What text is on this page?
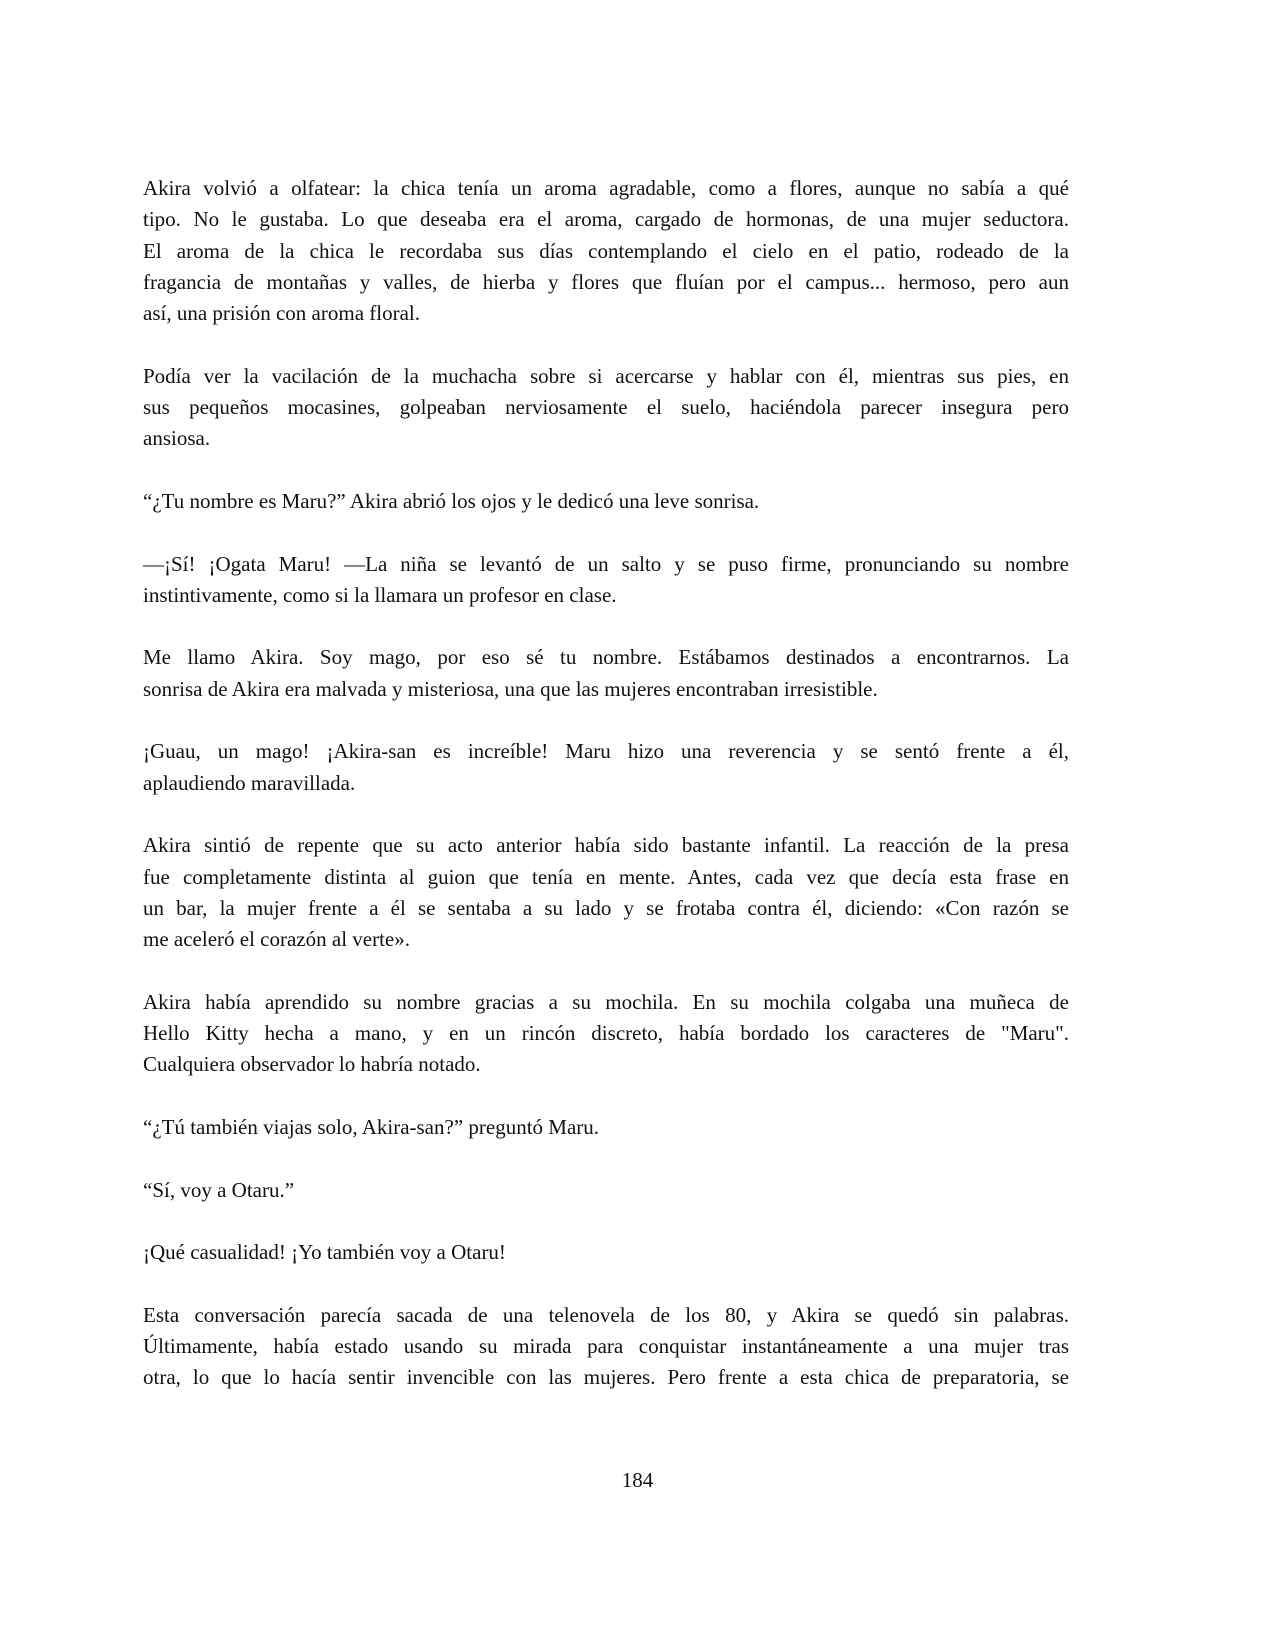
Akira volvió a olfatear: la chica tenía un aroma agradable, como a flores, aunque no sabía a qué
tipo. No le gustaba. Lo que deseaba era el aroma, cargado de hormonas, de una mujer seductora.
El aroma de la chica le recordaba sus días contemplando el cielo en el patio, rodeado de la
fragancia de montañas y valles, de hierba y flores que fluían por el campus... hermoso, pero aun
así, una prisión con aroma floral.
Podía ver la vacilación de la muchacha sobre si acercarse y hablar con él, mientras sus pies, en
sus pequeños mocasines, golpeaban nerviosamente el suelo, haciéndola parecer insegura pero
ansiosa.
“¿Tu nombre es Maru?” Akira abrió los ojos y le dedicó una leve sonrisa.
—¡Sí! ¡Ogata Maru! —La niña se levantó de un salto y se puso firme, pronunciando su nombre
instintivamente, como si la llamara un profesor en clase.
Me llamo Akira. Soy mago, por eso sé tu nombre. Estábamos destinados a encontrarnos. La
sonrisa de Akira era malvada y misteriosa, una que las mujeres encontraban irresistible.
¡Guau, un mago! ¡Akira-san es increíble! Maru hizo una reverencia y se sentó frente a él,
aplaudiendo maravillada.
Akira sintió de repente que su acto anterior había sido bastante infantil. La reacción de la presa
fue completamente distinta al guion que tenía en mente. Antes, cada vez que decía esta frase en
un bar, la mujer frente a él se sentaba a su lado y se frotaba contra él, diciendo: «Con razón se
me aceleró el corazón al verte».
Akira había aprendido su nombre gracias a su mochila. En su mochila colgaba una muñeca de
Hello Kitty hecha a mano, y en un rincón discreto, había bordado los caracteres de "Maru".
Cualquiera observador lo habría notado.
“¿Tú también viajas solo, Akira-san?” preguntó Maru.
“Sí, voy a Otaru.”
¡Qué casualidad! ¡Yo también voy a Otaru!
Esta conversación parecía sacada de una telenovela de los 80, y Akira se quedó sin palabras.
Últimamente, había estado usando su mirada para conquistar instantáneamente a una mujer tras
otra, lo que lo hacía sentir invencible con las mujeres. Pero frente a esta chica de preparatoria, se
184
